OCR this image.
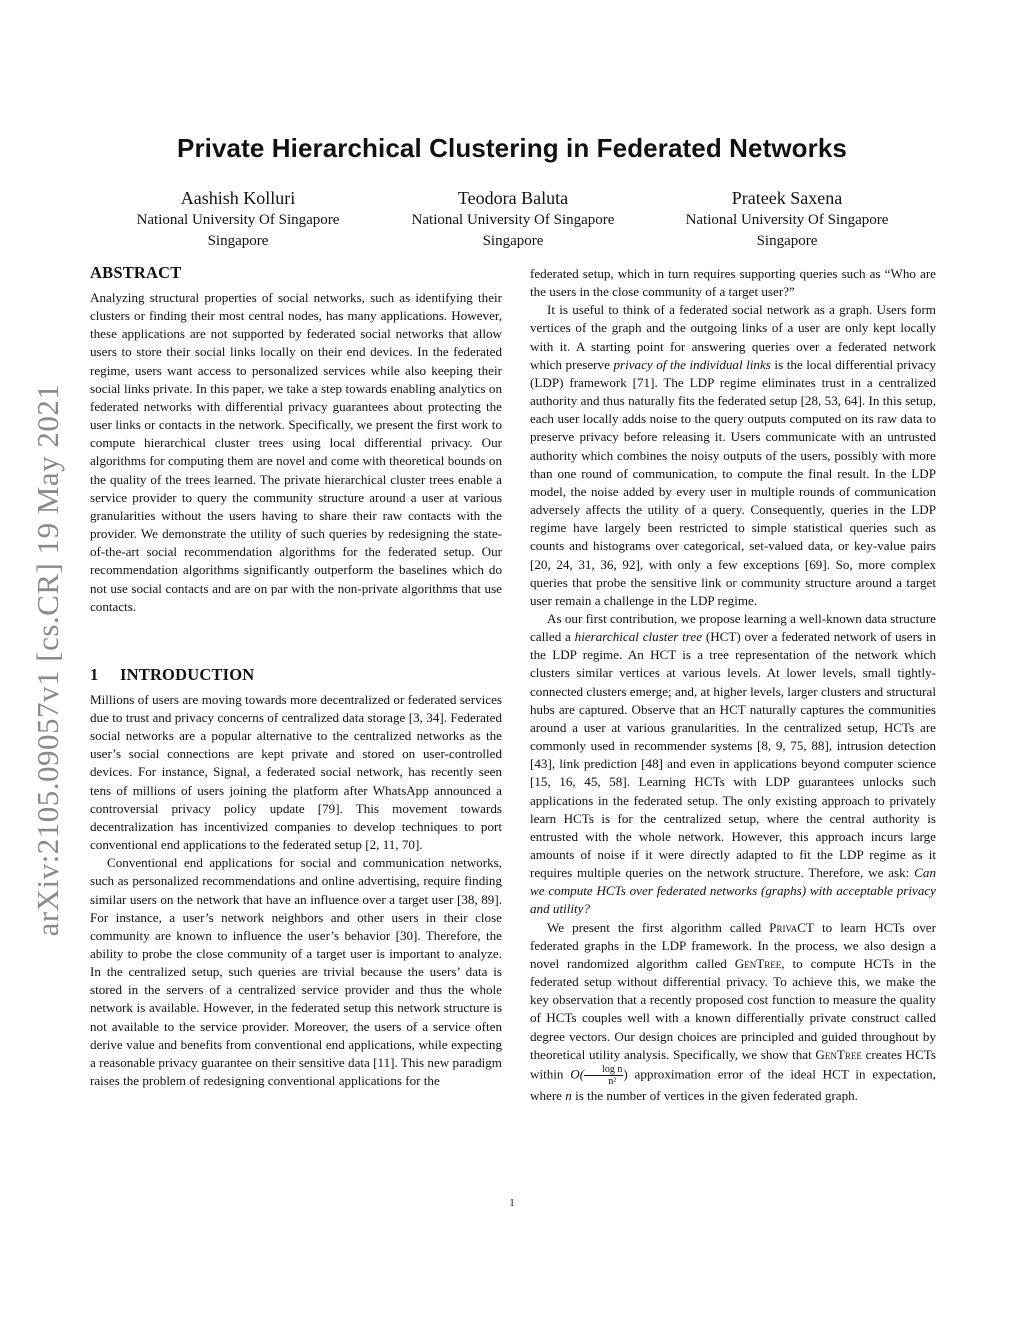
arXiv:2105.09057v1 [cs.CR] 19 May 2021
Private Hierarchical Clustering in Federated Networks
Aashish Kolluri
National University Of Singapore
Singapore
Teodora Baluta
National University Of Singapore
Singapore
Prateek Saxena
National University Of Singapore
Singapore
ABSTRACT

Analyzing structural properties of social networks, such as identifying their clusters or finding their most central nodes, has many applications. However, these applications are not supported by federated social networks that allow users to store their social links locally on their end devices. In the federated regime, users want access to personalized services while also keeping their social links private. In this paper, we take a step towards enabling analytics on federated networks with differential privacy guarantees about protecting the user links or contacts in the network. Specifically, we present the first work to compute hierarchical cluster trees using local differential privacy. Our algorithms for computing them are novel and come with theoretical bounds on the quality of the trees learned. The private hierarchical cluster trees enable a service provider to query the community structure around a user at various granularities without the users having to share their raw contacts with the provider. We demonstrate the utility of such queries by redesigning the state-of-the-art social recommendation algorithms for the federated setup. Our recommendation algorithms significantly outperform the baselines which do not use social contacts and are on par with the non-private algorithms that use contacts.

1	INTRODUCTION

Millions of users are moving towards more decentralized or federated services due to trust and privacy concerns of centralized data storage [3, 34]. Federated social networks are a popular alternative to the centralized networks as the user’s social connections are kept private and stored on user-controlled devices. For instance, Signal, a federated social network, has recently seen tens of millions of users joining the platform after WhatsApp announced a controversial privacy policy update [79]. This movement towards decentralization has incentivized companies to develop techniques to port conventional end applications to the federated setup [2, 11, 70].

Conventional end applications for social and communication networks, such as personalized recommendations and online advertising, require finding similar users on the network that have an influence over a target user [38, 89]. For instance, a user’s network neighbors and other users in their close community are known to influence the user’s behavior [30]. Therefore, the ability to probe the close community of a target user is important to analyze. In the centralized setup, such queries are trivial because the users’ data is stored in the servers of a centralized service provider and thus the whole network is available. However, in the federated setup this network structure is not available to the service provider. Moreover, the users of a service often derive value and benefits from conventional end applications, while expecting a reasonable privacy guarantee on their sensitive data [11]. This new paradigm raises the problem of redesigning conventional applications for the

federated setup, which in turn requires supporting queries such as “Who are the users in the close community of a target user?”

It is useful to think of a federated social network as a graph. Users form vertices of the graph and the outgoing links of a user are only kept locally with it. A starting point for answering queries over a federated network which preserve privacy of the individual links is the local differential privacy (LDP) framework [71]. The LDP regime eliminates trust in a centralized authority and thus naturally fits the federated setup [28, 53, 64]. In this setup, each user locally adds noise to the query outputs computed on its raw data to preserve privacy before releasing it. Users communicate with an untrusted authority which combines the noisy outputs of the users, possibly with more than one round of communication, to compute the final result. In the LDP model, the noise added by every user in multiple rounds of communication adversely affects the utility of a query. Consequently, queries in the LDP regime have largely been restricted to simple statistical queries such as counts and histograms over categorical, set-valued data, or key-value pairs [20, 24, 31, 36, 92], with only a few exceptions [69]. So, more complex queries that probe the sensitive link or community structure around a target user remain a challenge in the LDP regime.

As our first contribution, we propose learning a well-known data structure called a hierarchical cluster tree (HCT) over a federated network of users in the LDP regime. An HCT is a tree representation of the network which clusters similar vertices at various levels. At lower levels, small tightly-connected clusters emerge; and, at higher levels, larger clusters and structural hubs are captured. Observe that an HCT naturally captures the communities around a user at various granularities. In the centralized setup, HCTs are commonly used in recommender systems [8, 9, 75, 88], intrusion detection [43], link prediction [48] and even in applications beyond computer science [15, 16, 45, 58]. Learning HCTs with LDP guarantees unlocks such applications in the federated setup. The only existing approach to privately learn HCTs is for the centralized setup, where the central authority is entrusted with the whole network. However, this approach incurs large amounts of noise if it were directly adapted to fit the LDP regime as it requires multiple queries on the network structure. Therefore, we ask: Can we compute HCTs over federated networks (graphs) with acceptable privacy and utility?

We present the first algorithm called PrivaCT to learn HCTs over federated graphs in the LDP framework. In the process, we also design a novel randomized algorithm called GenTree, to compute HCTs in the federated setup without differential privacy. To achieve this, we make the key observation that a recently proposed cost function to measure the quality of HCTs couples well with a known differentially private construct called degree vectors. Our design choices are principled and guided throughout by theoretical utility analysis. Specifically, we show that GenTree creates HCTs within $O( \frac{\text{log n}}{\text{n²}}$ ) approximation error of the ideal HCT in expectation, where n is the number of vertices in the given federated graph.

1
